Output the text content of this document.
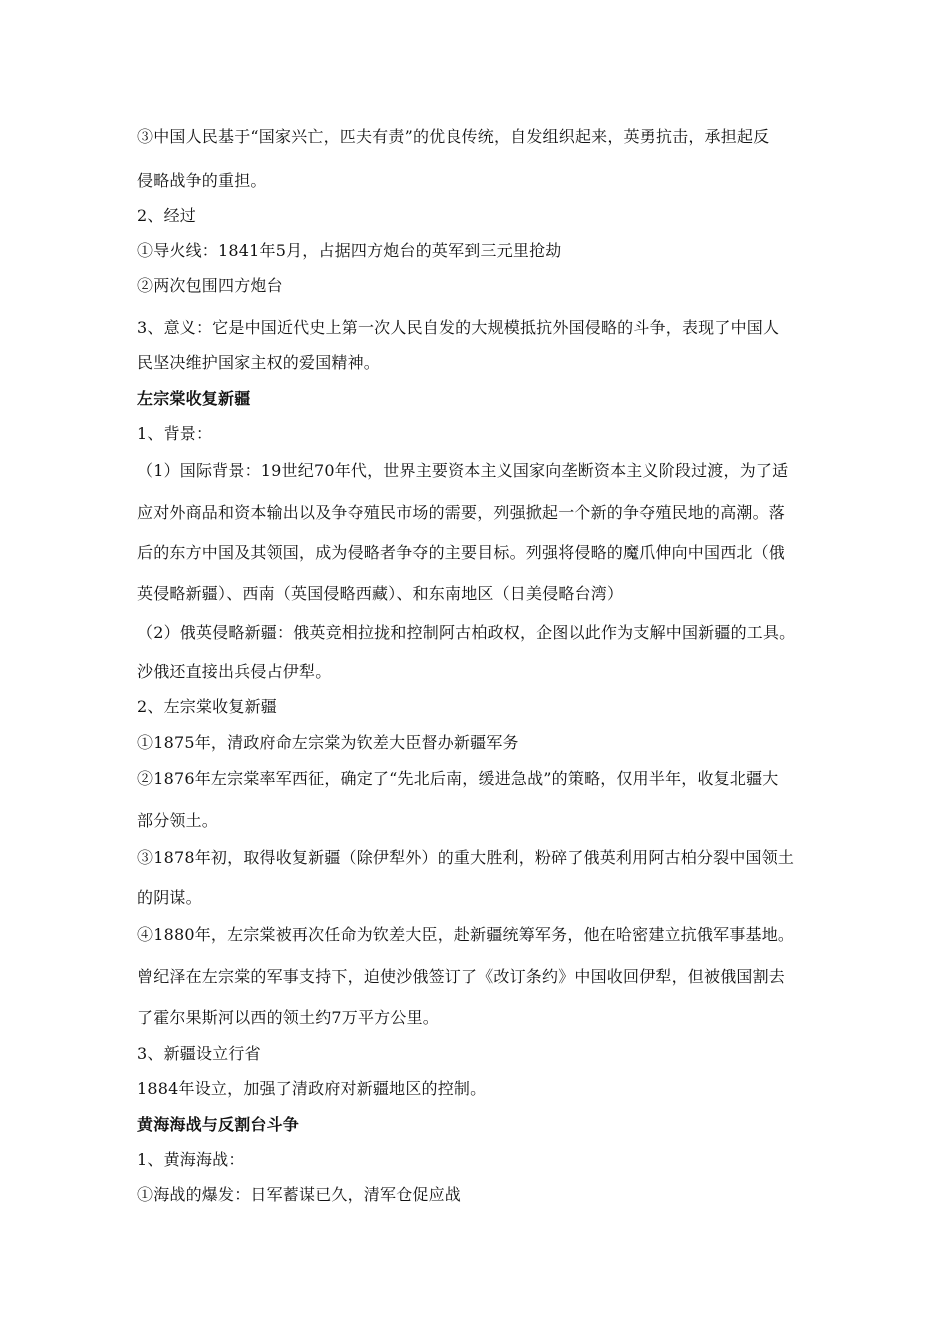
③中国人民基于“国家兴亡，匹夫有责”的优良传统，自发组织起来，英勇抗击，承担起反
侵略战争的重担。
2、经过
①导火线：1841年5月，占据四方炮台的英军到三元里抢劫
②两次包围四方炮台
3、意义：它是中国近代史上第一次人民自发的大规模抵抗外国侵略的斗争，表现了中国人
民坚决维护国家主权的爱国精神。
左宗棠收复新疆
1、背景：
（1）国际背景：19世纪70年代，世界主要资本主义国家向垄断资本主义阶段过渡，为了适
应对外商品和资本输出以及争夺殖民市场的需要，列强掀起一个新的争夺殖民地的高潮。落
后的东方中国及其领国，成为侵略者争夺的主要目标。列强将侵略的魔爪伸向中国西北（俄
英侵略新疆）、西南（英国侵略西藏）、和东南地区（日美侵略台湾）
（2）俄英侵略新疆：俄英竞相拉拢和控制阿古柏政权，企图以此作为支解中国新疆的工具。
沙俄还直接出兵侵占伊犁。
2、左宗棠收复新疆
①1875年，清政府命左宗棠为钦差大臣督办新疆军务
②1876年左宗棠率军西征，确定了“先北后南，缓进急战”的策略，仅用半年，收复北疆大
部分领土。
③1878年初，取得收复新疆（除伊犁外）的重大胜利，粉碎了俄英利用阿古柏分裂中国领土
的阴谋。
④1880年，左宗棠被再次任命为钦差大臣，赴新疆统筹军务，他在哈密建立抗俄军事基地。
曾纪泽在左宗棠的军事支持下，迫使沙俄签订了《改订条约》中国收回伊犁，但被俄国割去
了霍尔果斯河以西的领土约7万平方公里。
3、新疆设立行省
1884年设立，加强了清政府对新疆地区的控制。
黄海海战与反割台斗争
1、黄海海战：
①海战的爆发：日军蓄谋已久，清军仓促应战
